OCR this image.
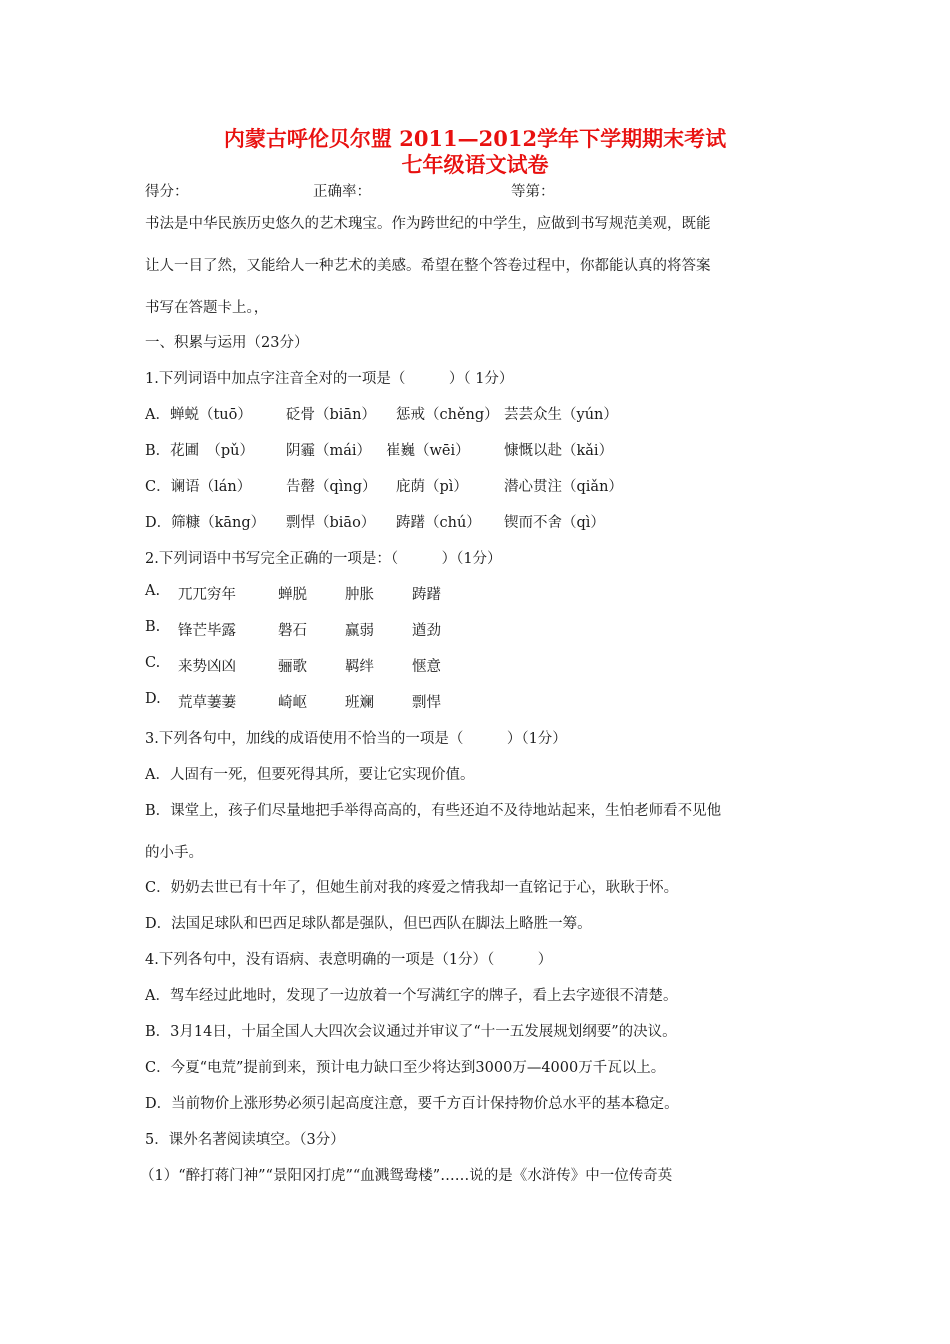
内蒙古呼伦贝尔盟 2011—2012学年下学期期末考试
七年级语文试卷
得分：	正确率：	等第：
书法是中华民族历史悠久的艺术瑰宝。作为跨世纪的中学生，应做到书写规范美观，既能
让人一目了然，又能给人一种艺术的美感。希望在整个答卷过程中，你都能认真的将答案
书写在答题卡上。，
一、积累与运用（23分）
1.下列词语中加点字注音全对的一项是（　　　）（ 1分）
A．蝉蜕（tuō） 砭骨（biān） 惩戒（chěng） 芸芸众生（yún）
B．花圃　（pǔ） 阴霾（mái） 崔巍（wēi） 慷慨以赴（kǎi）
C．谰语（lán） 告罄（qìng） 庇荫（pì） 潜心贯注（qiǎn）
D．筛糠（kāng） 剽悍（biāo） 踌躇（chú） 锲而不舍（qì）
2.下列词语中书写完全正确的一项是：（　　　）（1分）
A. 兀兀穷年	蝉脱	肿胀	踌躇
B. 锋芒毕露	磐石	赢弱	遒劲
C. 来势凶凶	骊歌	羁绊	惬意
D. 荒草萋萋	崎岖	班斓	剽悍
3.下列各句中，加线的成语使用不恰当的一项是（　　　）（1分）
A．人固有一死，但要死得其所，要让它实现价值。
B．课堂上，孩子们尽量地把手举得高高的，有些还迫不及待地站起来，生怕老师看不见他
的小手。
C．奶奶去世已有十年了，但她生前对我的疼爱之情我却一直铭记于心，耿耿于怀。
D．法国足球队和巴西足球队都是强队，但巴西队在脚法上略胜一筹。
4.下列各句中，没有语病、表意明确的一项是（1分）（　　　）
A．驾车经过此地时，发现了一边放着一个写满红字的牌子，看上去字迹很不清楚。
B．3月14日，十届全国人大四次会议通过并审议了“十一五发展规划纲要”的决议。
C．今夏“电荒”提前到来，预计电力缺口至少将达到3000万—4000万千瓦以上。
D．当前物价上涨形势必须引起高度注意，要千方百计保持物价总水平的基本稳定。
5．课外名著阅读填空。（3分）
（1）“醉打蒋门神”“景阳冈打虎”“血溅鸳鸯楼”……说的是《水浒传》中一位传奇英
